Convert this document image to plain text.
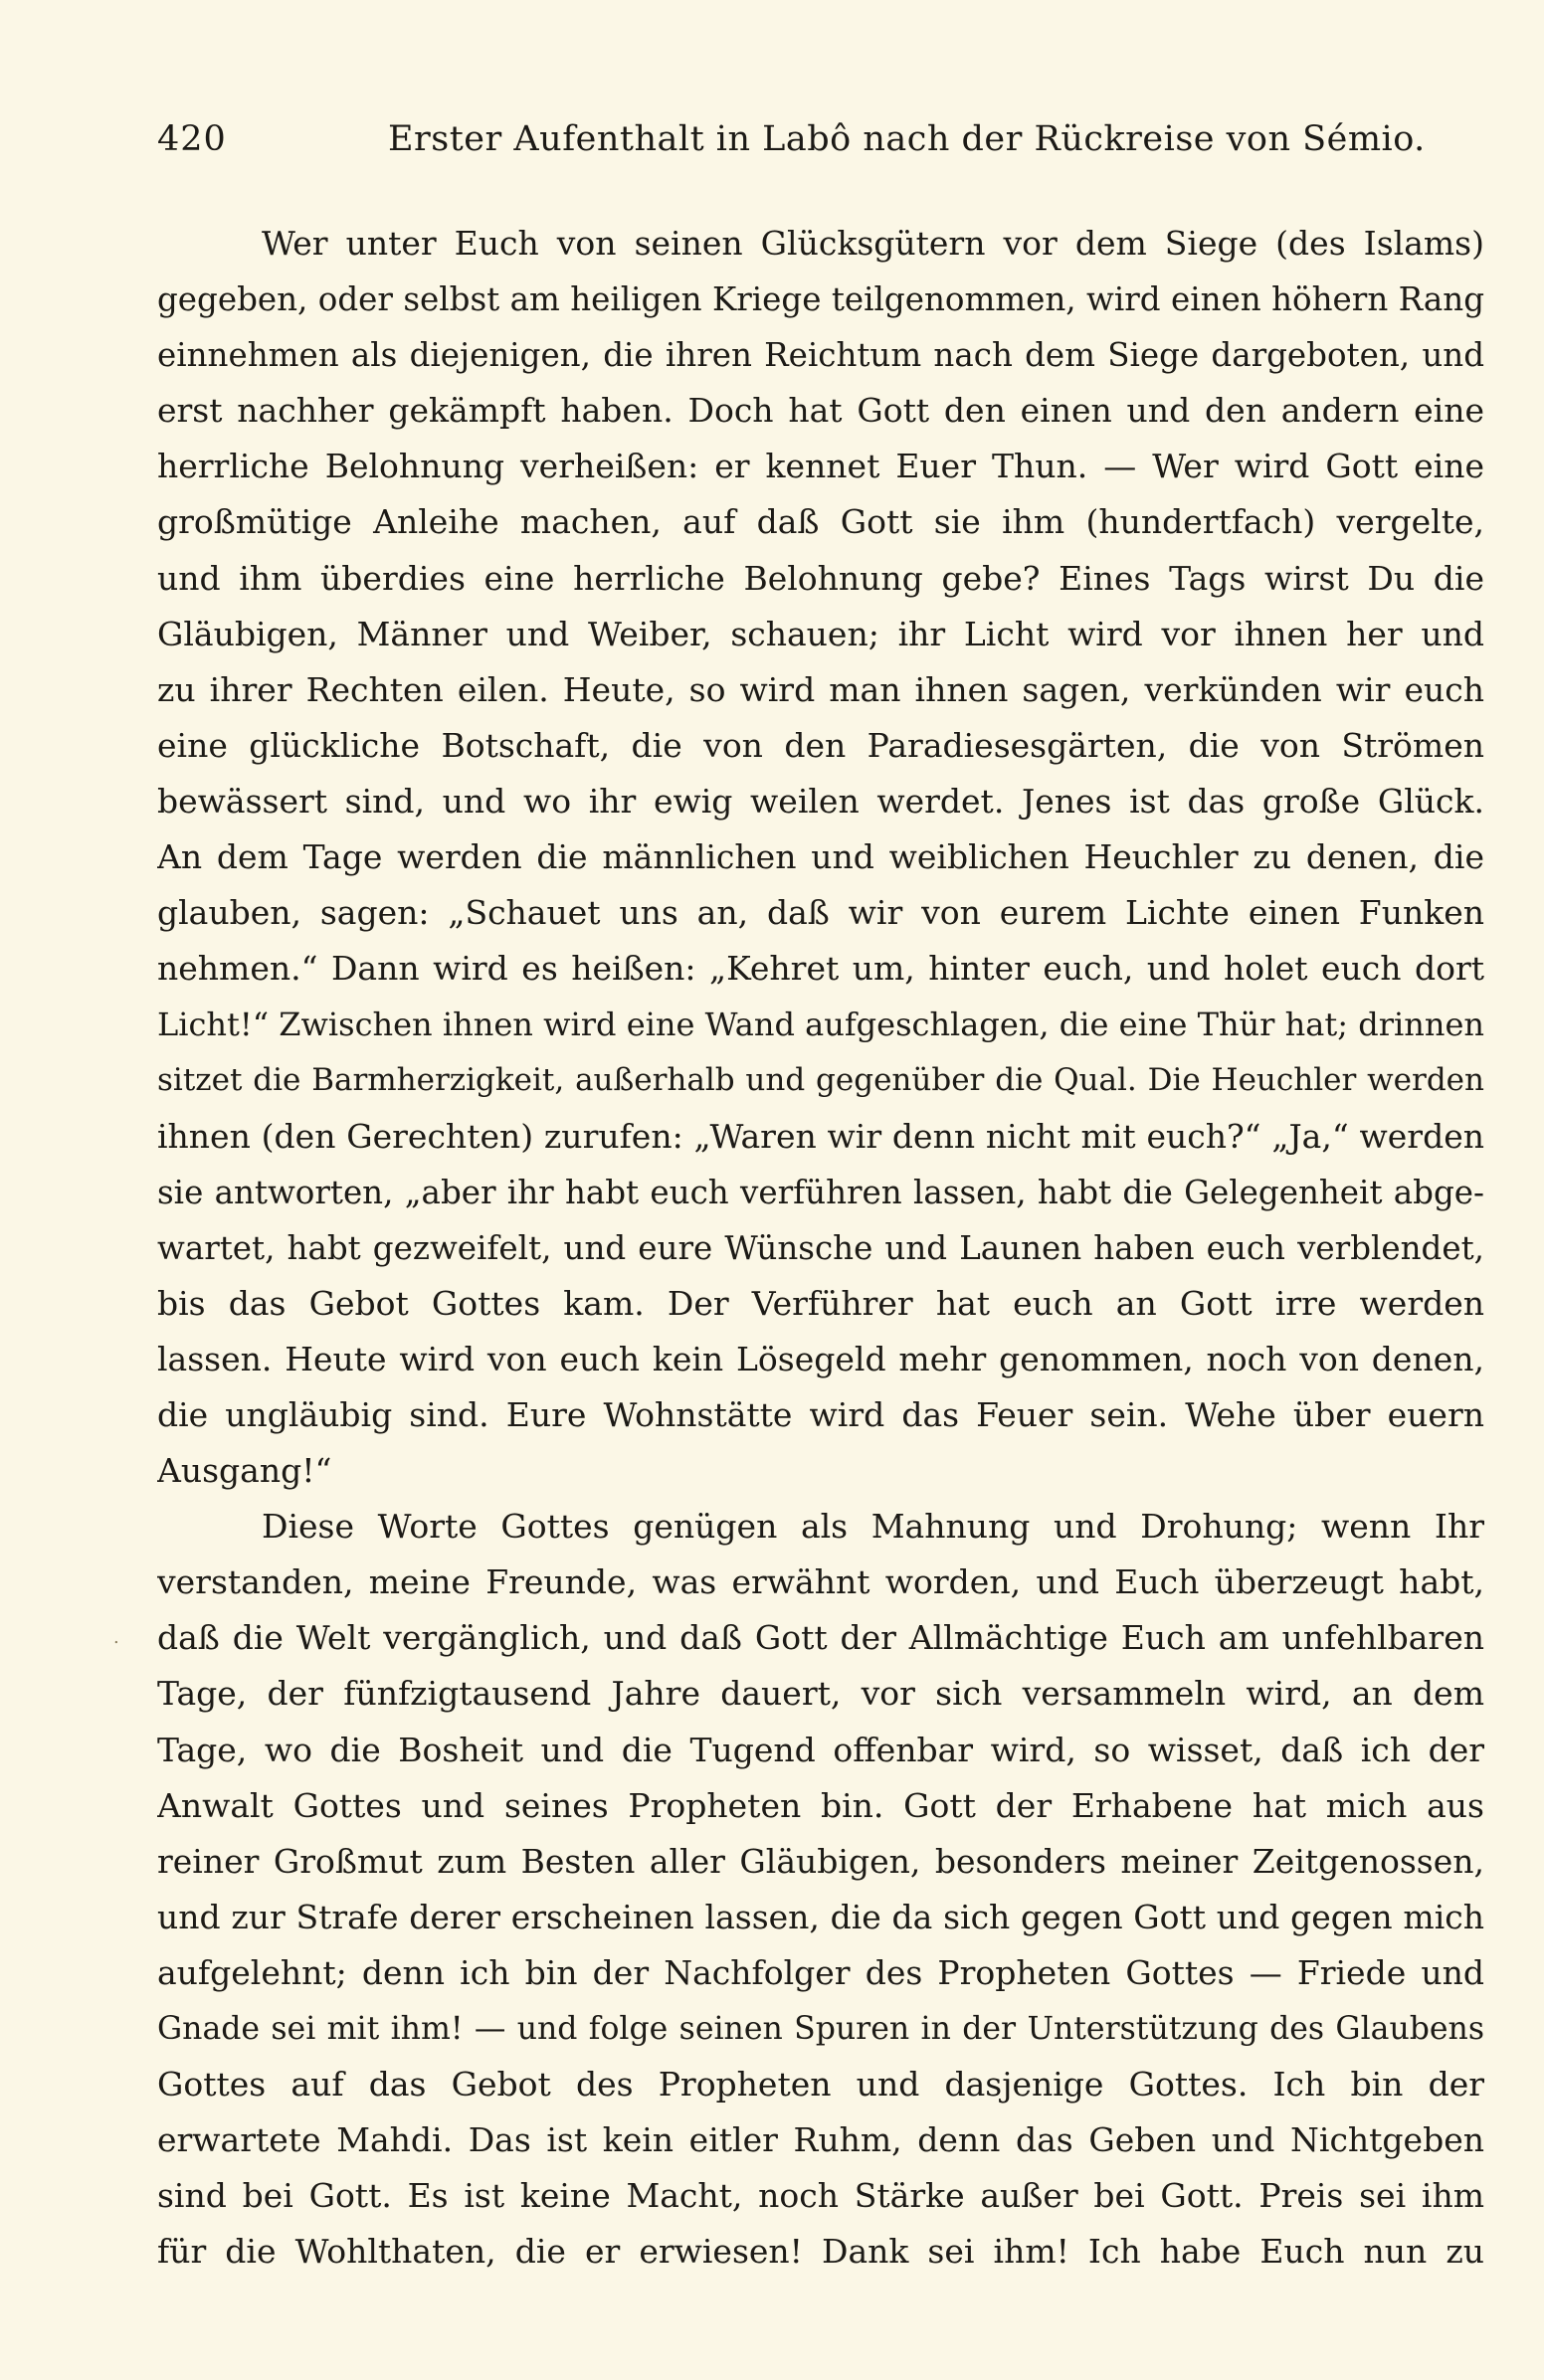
420	Erster Aufenthalt in Labô nach der Rückreise von Sémio.
Wer unter Euch von seinen Glücksgütern vor dem Siege (des Islams)
gegeben, oder selbst am heiligen Kriege teilgenommen, wird einen höhern Rang
einnehmen als diejenigen, die ihren Reichtum nach dem Siege dargeboten, und
erst nachher gekämpft haben. Doch hat Gott den einen und den andern eine
herrliche Belohnung verheißen: er kennet Euer Thun. — Wer wird Gott eine
großmütige Anleihe machen, auf daß Gott sie ihm (hundertfach) vergelte,
und ihm überdies eine herrliche Belohnung gebe? Eines Tags wirst Du die
Gläubigen, Männer und Weiber, schauen; ihr Licht wird vor ihnen her und
zu ihrer Rechten eilen. Heute, so wird man ihnen sagen, verkünden wir euch
eine glückliche Botschaft, die von den Paradiesesgärten, die von Strömen
bewässert sind, und wo ihr ewig weilen werdet. Jenes ist das große Glück.
An dem Tage werden die männlichen und weiblichen Heuchler zu denen, die
glauben, sagen: „Schauet uns an, daß wir von eurem Lichte einen Funken
nehmen.“ Dann wird es heißen: „Kehret um, hinter euch, und holet euch dort
Licht!“ Zwischen ihnen wird eine Wand aufgeschlagen, die eine Thür hat; drinnen
sitzet die Barmherzigkeit, außerhalb und gegenüber die Qual. Die Heuchler werden
ihnen (den Gerechten) zurufen: „Waren wir denn nicht mit euch?“ „Ja,“ werden
sie antworten, „aber ihr habt euch verführen lassen, habt die Gelegenheit abge-
wartet, habt gezweifelt, und eure Wünsche und Launen haben euch verblendet,
bis das Gebot Gottes kam. Der Verführer hat euch an Gott irre werden
lassen. Heute wird von euch kein Lösegeld mehr genommen, noch von denen,
die ungläubig sind. Eure Wohnstätte wird das Feuer sein. Wehe über euern
Ausgang!“
Diese Worte Gottes genügen als Mahnung und Drohung; wenn Ihr
verstanden, meine Freunde, was erwähnt worden, und Euch überzeugt habt,
daß die Welt vergänglich, und daß Gott der Allmächtige Euch am unfehlbaren
Tage, der fünfzigtausend Jahre dauert, vor sich versammeln wird, an dem
Tage, wo die Bosheit und die Tugend offenbar wird, so wisset, daß ich der
Anwalt Gottes und seines Propheten bin. Gott der Erhabene hat mich aus
reiner Großmut zum Besten aller Gläubigen, besonders meiner Zeitgenossen,
und zur Strafe derer erscheinen lassen, die da sich gegen Gott und gegen mich
aufgelehnt; denn ich bin der Nachfolger des Propheten Gottes — Friede und
Gnade sei mit ihm! — und folge seinen Spuren in der Unterstützung des Glaubens
Gottes auf das Gebot des Propheten und dasjenige Gottes. Ich bin der
erwartete Mahdi. Das ist kein eitler Ruhm, denn das Geben und Nichtgeben
sind bei Gott. Es ist keine Macht, noch Stärke außer bei Gott. Preis sei ihm
für die Wohlthaten, die er erwiesen! Dank sei ihm! Ich habe Euch nun zu
.
